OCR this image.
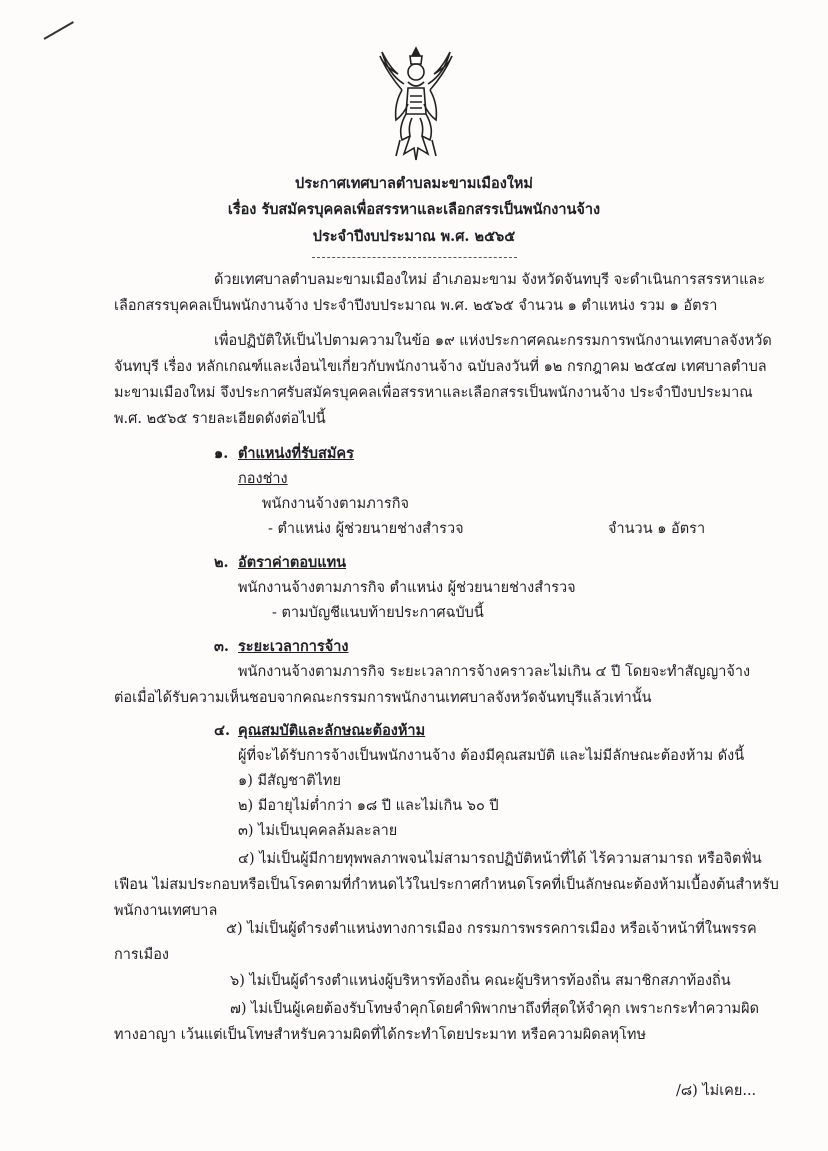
ประกาศเทศบาลตำบลมะขามเมืองใหม่
เรื่อง รับสมัครบุคคลเพื่อสรรหาและเลือกสรรเป็นพนักงานจ้าง
ประจำปีงบประมาณ พ.ศ. ๒๕๖๕
ด้วยเทศบาลตำบลมะขามเมืองใหม่ อำเภอมะขาม จังหวัดจันทบุรี จะดำเนินการสรรหาและ
เลือกสรรบุคคลเป็นพนักงานจ้าง ประจำปีงบประมาณ พ.ศ. ๒๕๖๕ จำนวน ๑ ตำแหน่ง รวม ๑ อัตรา
เพื่อปฏิบัติให้เป็นไปตามความในข้อ ๑๙ แห่งประกาศคณะกรรมการพนักงานเทศบาลจังหวัด
จันทบุรี เรื่อง หลักเกณฑ์และเงื่อนไขเกี่ยวกับพนักงานจ้าง ฉบับลงวันที่ ๑๒ กรกฎาคม ๒๕๔๗ เทศบาลตำบล
มะขามเมืองใหม่ จึงประกาศรับสมัครบุคคลเพื่อสรรหาและเลือกสรรเป็นพนักงานจ้าง ประจำปีงบประมาณ
พ.ศ. ๒๕๖๕ รายละเอียดดังต่อไปนี้
๑. ตำแหน่งที่รับสมัคร
กองช่าง
พนักงานจ้างตามภารกิจ
- ตำแหน่ง ผู้ช่วยนายช่างสำรวจ	จำนวน ๑ อัตรา
๒. อัตราค่าตอบแทน
พนักงานจ้างตามภารกิจ ตำแหน่ง ผู้ช่วยนายช่างสำรวจ
- ตามบัญชีแนบท้ายประกาศฉบับนี้
๓. ระยะเวลาการจ้าง
พนักงานจ้างตามภารกิจ ระยะเวลาการจ้างคราวละไม่เกิน ๔ ปี โดยจะทำสัญญาจ้าง
ต่อเมื่อได้รับความเห็นชอบจากคณะกรรมการพนักงานเทศบาลจังหวัดจันทบุรีแล้วเท่านั้น
๔. คุณสมบัติและลักษณะต้องห้าม
ผู้ที่จะได้รับการจ้างเป็นพนักงานจ้าง ต้องมีคุณสมบัติ และไม่มีลักษณะต้องห้าม ดังนี้
๑) มีสัญชาติไทย
๒) มีอายุไม่ต่ำกว่า ๑๘ ปี และไม่เกิน ๖๐ ปี
๓) ไม่เป็นบุคคลล้มละลาย
๔) ไม่เป็นผู้มีกายทุพพลภาพจนไม่สามารถปฏิบัติหน้าที่ได้ ไร้ความสามารถ หรือจิตฟั่น
เฟือน ไม่สมประกอบหรือเป็นโรคตามที่กำหนดไว้ในประกาศกำหนดโรคที่เป็นลักษณะต้องห้ามเบื้องต้นสำหรับ
พนักงานเทศบาล
๕) ไม่เป็นผู้ดำรงตำแหน่งทางการเมือง กรรมการพรรคการเมือง หรือเจ้าหน้าที่ในพรรค
การเมือง
๖) ไม่เป็นผู้ดำรงตำแหน่งผู้บริหารท้องถิ่น คณะผู้บริหารท้องถิ่น สมาชิกสภาท้องถิ่น
๗) ไม่เป็นผู้เคยต้องรับโทษจำคุกโดยคำพิพากษาถึงที่สุดให้จำคุก เพราะกระทำความผิด
ทางอาญา เว้นแต่เป็นโทษสำหรับความผิดที่ได้กระทำโดยประมาท หรือความผิดลหุโทษ
/๘) ไม่เคย...
